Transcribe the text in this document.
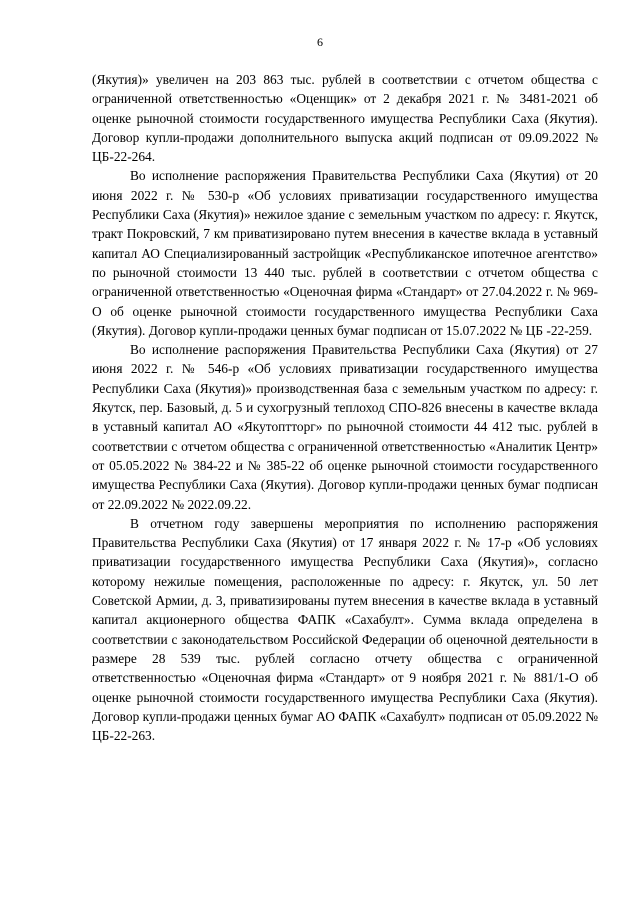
6

(Якутия)» увеличен на 203 863 тыс. рублей в соответствии с отчетом общества с ограниченной ответственностью «Оценщик» от 2 декабря 2021 г. № 3481-2021 об оценке рыночной стоимости государственного имущества Республики Саха (Якутия). Договор купли-продажи дополнительного выпуска акций подписан от 09.09.2022 № ЦБ-22-264.

Во исполнение распоряжения Правительства Республики Саха (Якутия) от 20 июня 2022 г. № 530-р «Об условиях приватизации государственного имущества Республики Саха (Якутия)» нежилое здание с земельным участком по адресу: г. Якутск, тракт Покровский, 7 км приватизировано путем внесения в качестве вклада в уставный капитал АО Специализированный застройщик «Республиканское ипотечное агентство» по рыночной стоимости 13 440 тыс. рублей в соответствии с отчетом общества с ограниченной ответственностью «Оценочная фирма «Стандарт» от 27.04.2022 г. № 969-О об оценке рыночной стоимости государственного имущества Республики Саха (Якутия). Договор купли-продажи ценных бумаг подписан от 15.07.2022 № ЦБ -22-259.

Во исполнение распоряжения Правительства Республики Саха (Якутия) от 27 июня 2022 г. № 546-р «Об условиях приватизации государственного имущества Республики Саха (Якутия)» производственная база с земельным участком по адресу: г. Якутск, пер. Базовый, д. 5 и сухогрузный теплоход СПО-826 внесены в качестве вклада в уставный капитал АО «Якутоптторг» по рыночной стоимости 44 412 тыс. рублей в соответствии с отчетом общества с ограниченной ответственностью «Аналитик Центр» от 05.05.2022 № 384-22 и № 385-22 об оценке рыночной стоимости государственного имущества Республики Саха (Якутия). Договор купли-продажи ценных бумаг подписан от 22.09.2022 № 2022.09.22.

В отчетном году завершены мероприятия по исполнению распоряжения Правительства Республики Саха (Якутия) от 17 января 2022 г. № 17-р «Об условиях приватизации государственного имущества Республики Саха (Якутия)», согласно которому нежилые помещения, расположенные по адресу: г. Якутск, ул. 50 лет Советской Армии, д. 3, приватизированы путем внесения в качестве вклада в уставный капитал акционерного общества ФАПК «Сахабулт». Сумма вклада определена в соответствии с законодательством Российской Федерации об оценочной деятельности в размере 28 539 тыс. рублей согласно отчету общества с ограниченной ответственностью «Оценочная фирма «Стандарт» от 9 ноября 2021 г. № 881/1-О об оценке рыночной стоимости государственного имущества Республики Саха (Якутия). Договор купли-продажи ценных бумаг АО ФАПК «Сахабулт» подписан от 05.09.2022 № ЦБ-22-263.
